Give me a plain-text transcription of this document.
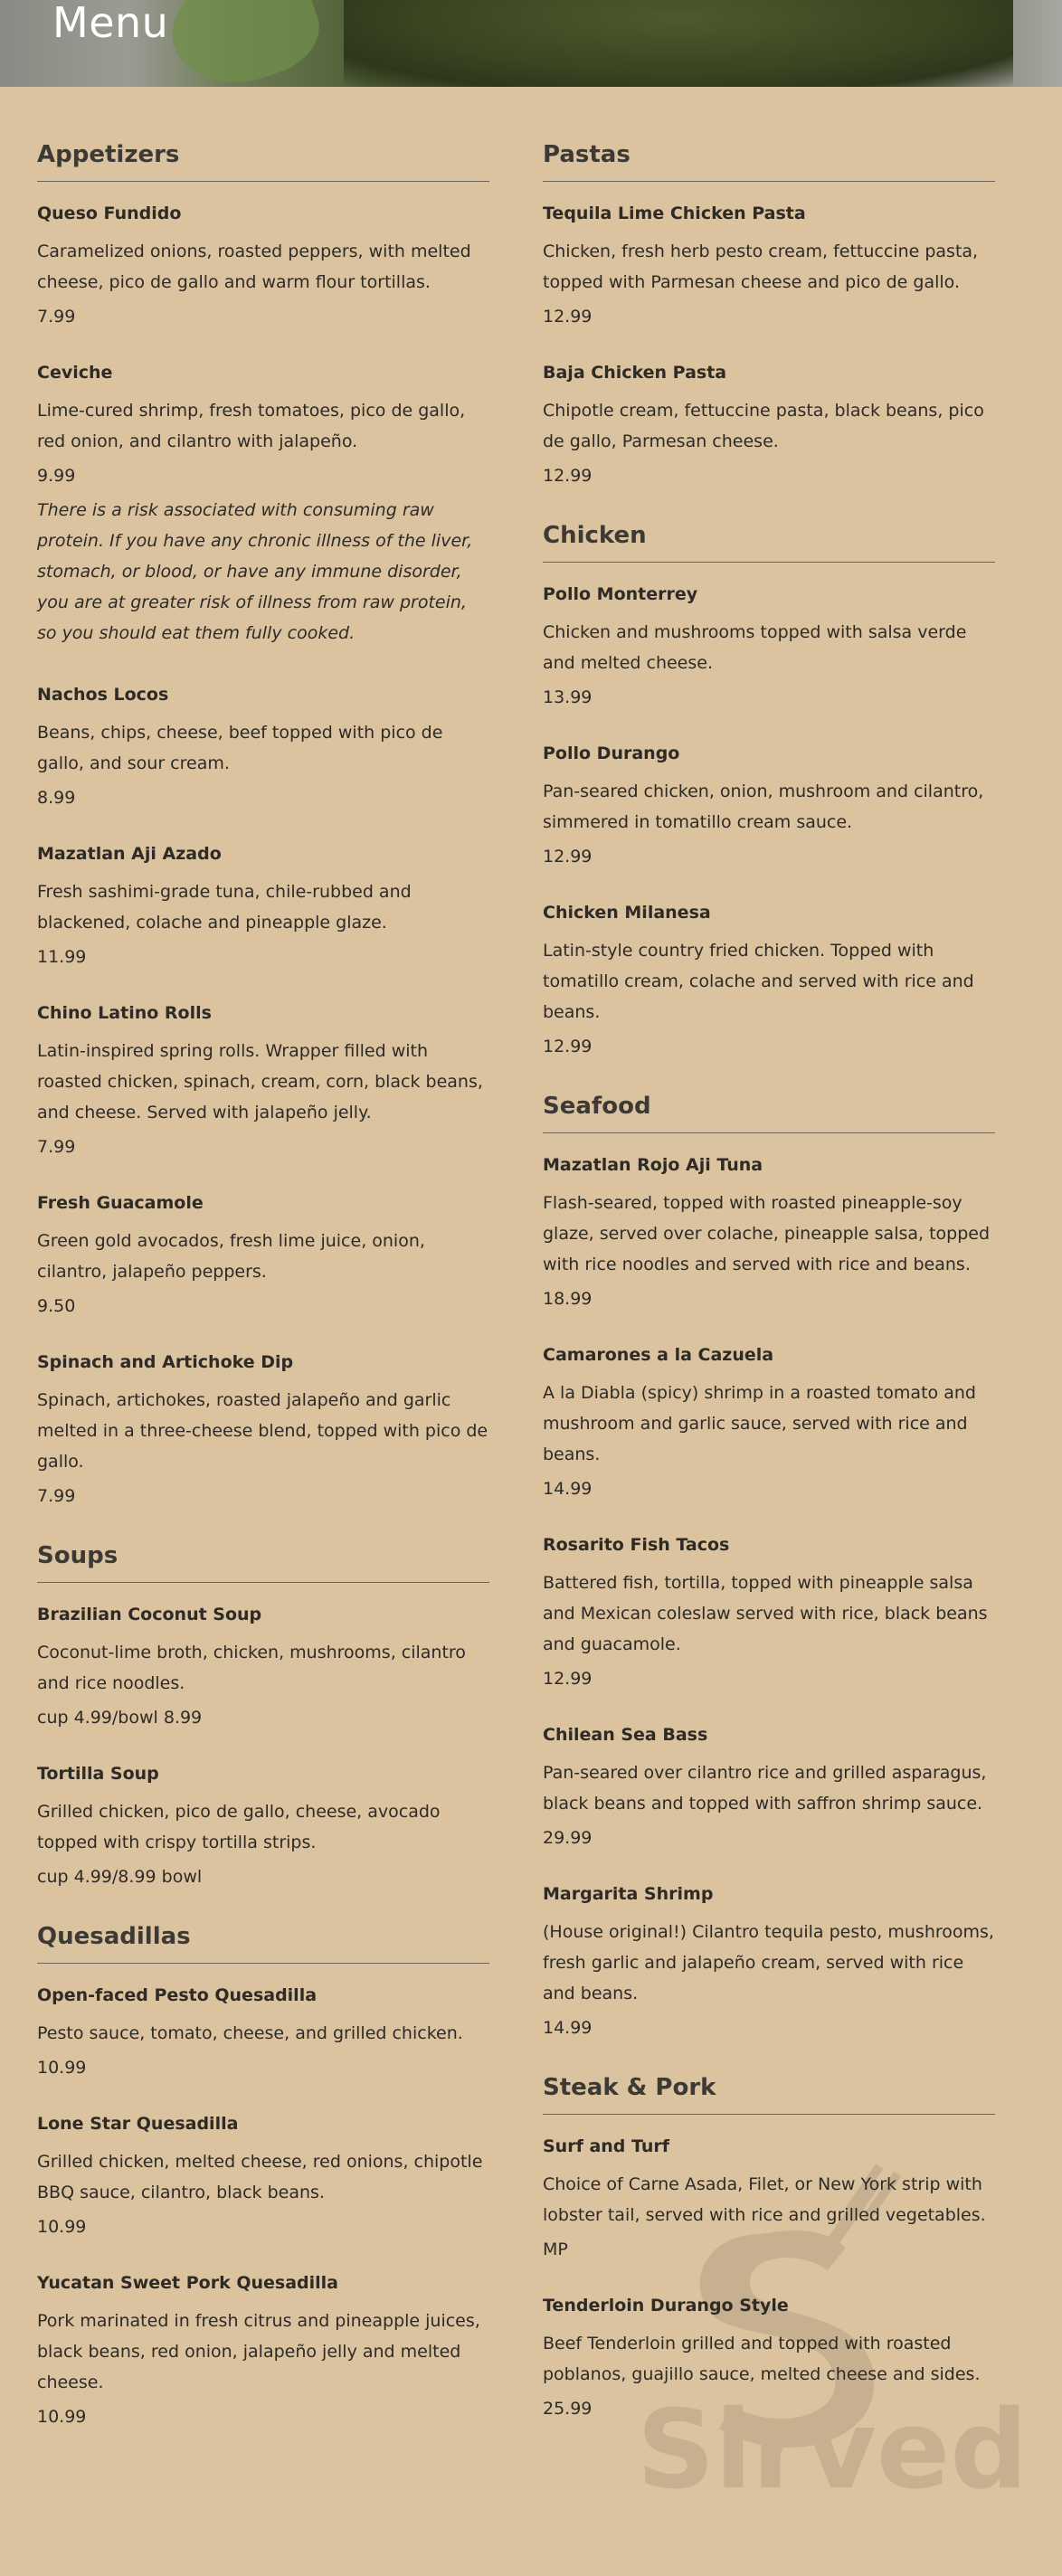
Menu
Appetizers
Queso Fundido
Caramelized onions, roasted peppers, with melted cheese, pico de gallo and warm flour tortillas.
7.99
Ceviche
Lime-cured shrimp, fresh tomatoes, pico de gallo, red onion, and cilantro with jalapeño.
9.99
There is a risk associated with consuming raw protein. If you have any chronic illness of the liver, stomach, or blood, or have any immune disorder, you are at greater risk of illness from raw protein, so you should eat them fully cooked.
Nachos Locos
Beans, chips, cheese, beef topped with pico de gallo, and sour cream.
8.99
Mazatlan Aji Azado
Fresh sashimi-grade tuna, chile-rubbed and blackened, colache and pineapple glaze.
11.99
Chino Latino Rolls
Latin-inspired spring rolls. Wrapper filled with roasted chicken, spinach, cream, corn, black beans, and cheese. Served with jalapeño jelly.
7.99
Fresh Guacamole
Green gold avocados, fresh lime juice, onion, cilantro, jalapeño peppers.
9.50
Spinach and Artichoke Dip
Spinach, artichokes, roasted jalapeño and garlic melted in a three-cheese blend, topped with pico de gallo.
7.99
Soups
Brazilian Coconut Soup
Coconut-lime broth, chicken, mushrooms, cilantro and rice noodles.
cup 4.99/bowl 8.99
Tortilla Soup
Grilled chicken, pico de gallo, cheese, avocado topped with crispy tortilla strips.
cup 4.99/8.99 bowl
Quesadillas
Open-faced Pesto Quesadilla
Pesto sauce, tomato, cheese, and grilled chicken.
10.99
Lone Star Quesadilla
Grilled chicken, melted cheese, red onions, chipotle BBQ sauce, cilantro, black beans.
10.99
Yucatan Sweet Pork Quesadilla
Pork marinated in fresh citrus and pineapple juices, black beans, red onion, jalapeño jelly and melted cheese.
10.99
Pastas
Tequila Lime Chicken Pasta
Chicken, fresh herb pesto cream, fettuccine pasta, topped with Parmesan cheese and pico de gallo.
12.99
Baja Chicken Pasta
Chipotle cream, fettuccine pasta, black beans, pico de gallo, Parmesan cheese.
12.99
Chicken
Pollo Monterrey
Chicken and mushrooms topped with salsa verde and melted cheese.
13.99
Pollo Durango
Pan-seared chicken, onion, mushroom and cilantro, simmered in tomatillo cream sauce.
12.99
Chicken Milanesa
Latin-style country fried chicken. Topped with tomatillo cream, colache and served with rice and beans.
12.99
Seafood
Mazatlan Rojo Aji Tuna
Flash-seared, topped with roasted pineapple-soy glaze, served over colache, pineapple salsa, topped with rice noodles and served with rice and beans.
18.99
Camarones a la Cazuela
A la Diabla (spicy) shrimp in a roasted tomato and mushroom and garlic sauce, served with rice and beans.
14.99
Rosarito Fish Tacos
Battered fish, tortilla, topped with pineapple salsa and Mexican coleslaw served with rice, black beans and guacamole.
12.99
Chilean Sea Bass
Pan-seared over cilantro rice and grilled asparagus, black beans and topped with saffron shrimp sauce.
29.99
Margarita Shrimp
(House original!) Cilantro tequila pesto, mushrooms, fresh garlic and jalapeño cream, served with rice and beans.
14.99
Steak & Pork
Surf and Turf
Choice of Carne Asada, Filet, or New York strip with lobster tail, served with rice and grilled vegetables.
MP
Tenderloin Durango Style
Beef Tenderloin grilled and topped with roasted poblanos, guajillo sauce, melted cheese and sides.
25.99 Sirved
